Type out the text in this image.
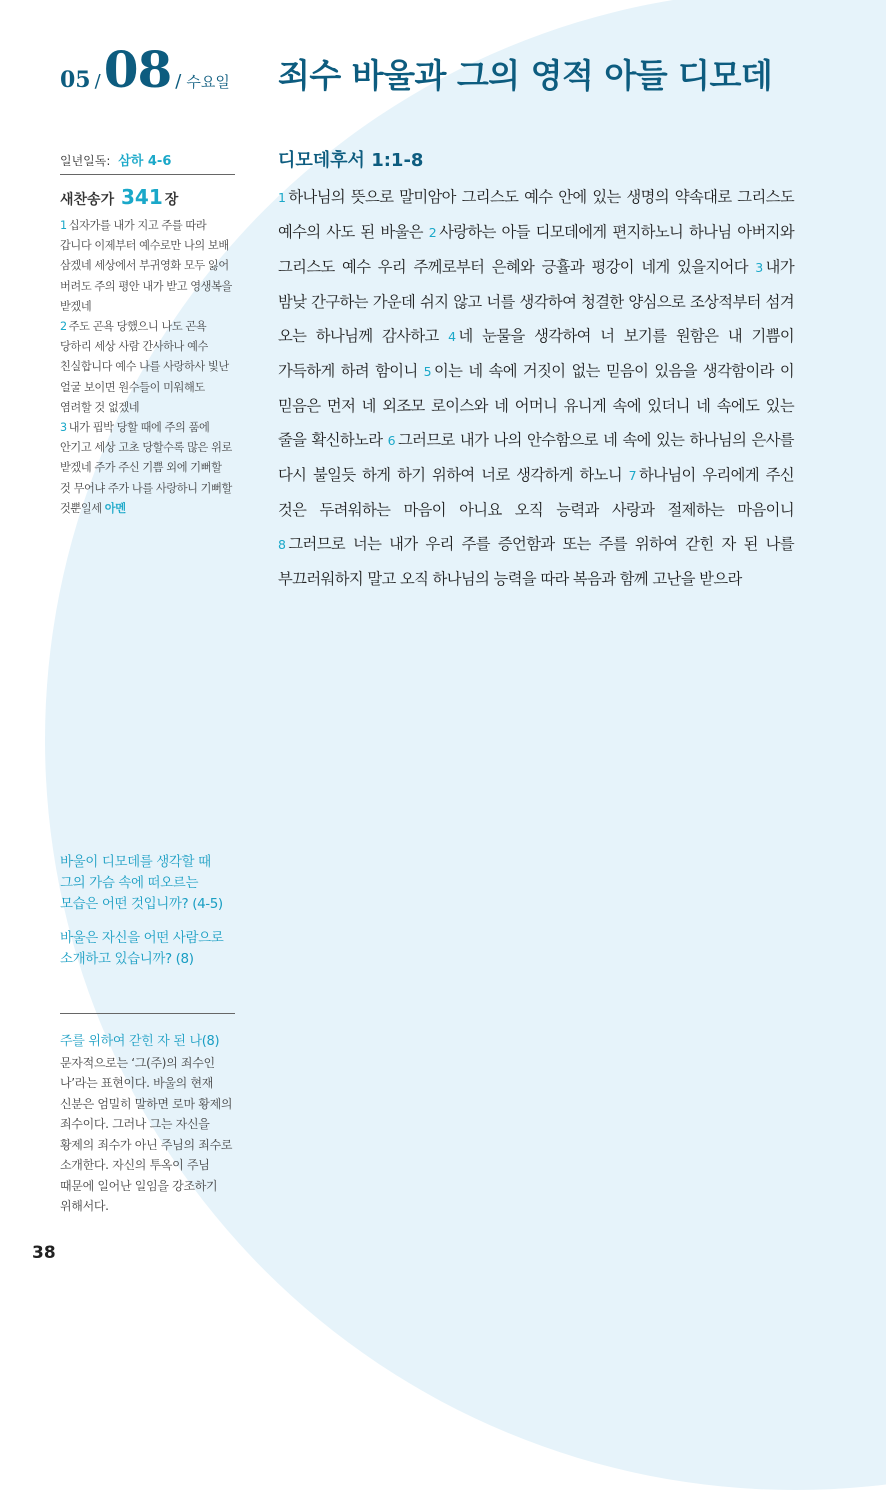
05 / 08 / 수요일 죄수 바울과 그의 영적 아들 디모데
일년일독: 삼하 4-6
새찬송가 341 장

1 십자가를 내가 지고 주를 따라 갑니다 이제부터 예수로만 나의 보배 삼겠네 세상에서 부귀영화 모두 잃어 버려도 주의 평안 내가 받고 영생복을 받겠네

2 주도 곤욕 당했으니 나도 곤욕 당하리 세상 사람 간사하나 예수 친실합니다 예수 나를 사랑하사 빛난 얼굴 보이면 원수들이 미워해도 염려할 것 없겠네

3 내가 핍박 당할 때에 주의 품에 안기고 세상 고초 당할수록 많은 위로 받겠네 주가 주신 기쁨 외에 기뻐할 것 무어냐 주가 나를 사랑하니 기뻐할 것뿐일세 아멘

바울이 디모데를 생각할 때 그의 가슴 속에 떠오르는 모습은 어떤 것입니까? (4-5)

바울은 자신을 어떤 사람으로 소개하고 있습니까? (8)

주를 위하여 갇힌 자 된 나(8)
문자적으로는 ‘그(주)의 죄수인 나’라는 표현이다. 바울의 현재 신분은 엄밀히 말하면 로마 황제의 죄수이다. 그러나 그는 자신을 황제의 죄수가 아닌 주님의 죄수로 소개한다. 자신의 투옥이 주님 때문에 일어난 일임을 강조하기 위해서다.
38
디모데후서 1:1-8
1 하나님의 뜻으로 말미암아 그리스도 예수 안에 있는 생명의 약속대로 그리스도 예수의 사도 된 바울은 2 사랑하는 아들 디모데에게 편지하노니 하나님 아버지와 그리스도 예수 우리 주께로부터 은혜와 긍휼과 평강이 네게 있을지어다 3 내가 밤낮 간구하는 가운데 쉬지 않고 너를 생각하여 청결한 양심으로 조상적부터 섬겨 오는 하나님께 감사하고 4 네 눈물을 생각하여 너 보기를 원함은 내 기쁨이 가득하게 하려 함이니 5 이는 네 속에 거짓이 없는 믿음이 있음을 생각함이라 이 믿음은 먼저 네 외조모 로이스와 네 어머니 유니게 속에 있더니 네 속에도 있는 줄을 확신하노라 6 그러므로 내가 나의 안수함으로 네 속에 있는 하나님의 은사를 다시 불일듯 하게 하기 위하여 너로 생각하게 하노니 7 하나님이 우리에게 주신 것은 두려워하는 마음이 아니요 오직 능력과 사랑과 절제하는 마음이니 8 그러므로 너는 내가 우리 주를 증언함과 또는 주를 위하여 갇힌 자 된 나를 부끄러워하지 말고 오직 하나님의 능력을 따라 복음과 함께 고난을 받으라
